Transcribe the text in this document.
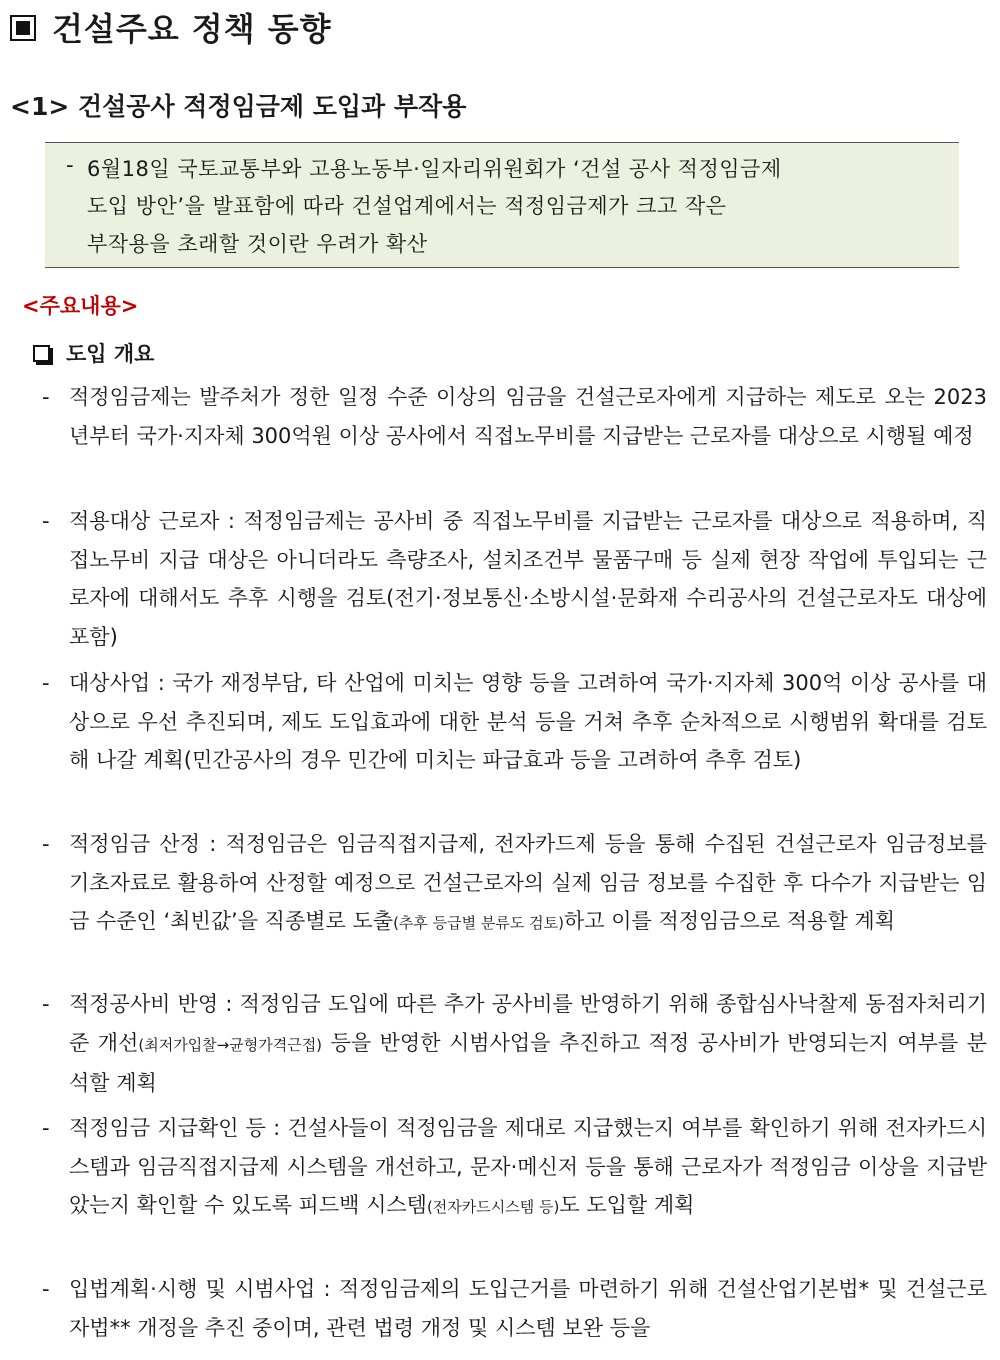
건설주요 정책 동향
<1> 건설공사 적정임금제 도입과 부작용
- 6월18일 국토교통부와 고용노동부·일자리위원회가 ‘건설 공사 적정임금제
도입 방안’을 발표함에 따라 건설업계에서는 적정임금제가 크고 작은
부작용을 초래할 것이란 우려가 확산
<주요내용>
도입 개요
- 적정임금제는 발주처가 정한 일정 수준 이상의 임금을 건설근로자에게 지급하는 제도로 오는 2023년부터 국가·지자체 300억원 이상 공사에서 직접노무비를 지급받는 근로자를 대상으로 시행될 예정
- 적용대상 근로자 : 적정임금제는 공사비 중 직접노무비를 지급받는 근로자를 대상으로 적용하며, 직접노무비 지급 대상은 아니더라도 측량조사, 설치조건부 물품구매 등 실제 현장 작업에 투입되는 근로자에 대해서도 추후 시행을 검토(전기·정보통신·소방시설·문화재 수리공사의 건설근로자도 대상에 포함)
- 대상사업 : 국가 재정부담, 타 산업에 미치는 영향 등을 고려하여 국가·지자체 300억 이상 공사를 대상으로 우선 추진되며, 제도 도입효과에 대한 분석 등을 거쳐 추후 순차적으로 시행범위 확대를 검토해 나갈 계획(민간공사의 경우 민간에 미치는 파급효과 등을 고려하여 추후 검토)
- 적정임금 산정 : 적정임금은 임금직접지급제, 전자카드제 등을 통해 수집된 건설근로자 임금정보를 기초자료로 활용하여 산정할 예정으로 건설근로자의 실제 임금 정보를 수집한 후 다수가 지급받는 임금 수준인 ‘최빈값’을 직종별로 도출(추후 등급별 분류도 검토)하고 이를 적정임금으로 적용할 계획
- 적정공사비 반영 : 적정임금 도입에 따른 추가 공사비를 반영하기 위해 종합심사낙찰제 동점자처리기준 개선(최저가입찰→균형가격근접) 등을 반영한 시범사업을 추진하고 적정 공사비가 반영되는지 여부를 분석할 계획
- 적정임금 지급확인 등 : 건설사들이 적정임금을 제대로 지급했는지 여부를 확인하기 위해 전자카드시스템과 임금직접지급제 시스템을 개선하고, 문자·메신저 등을 통해 근로자가 적정임금 이상을 지급받았는지 확인할 수 있도록 피드백 시스템(전자카드시스템 등)도 도입할 계획
- 입법계획·시행 및 시범사업 : 적정임금제의 도입근거를 마련하기 위해 건설산업기본법* 및 건설근로자법** 개정을 추진 중이며, 관련 법령 개정 및 시스템 보완 등을
